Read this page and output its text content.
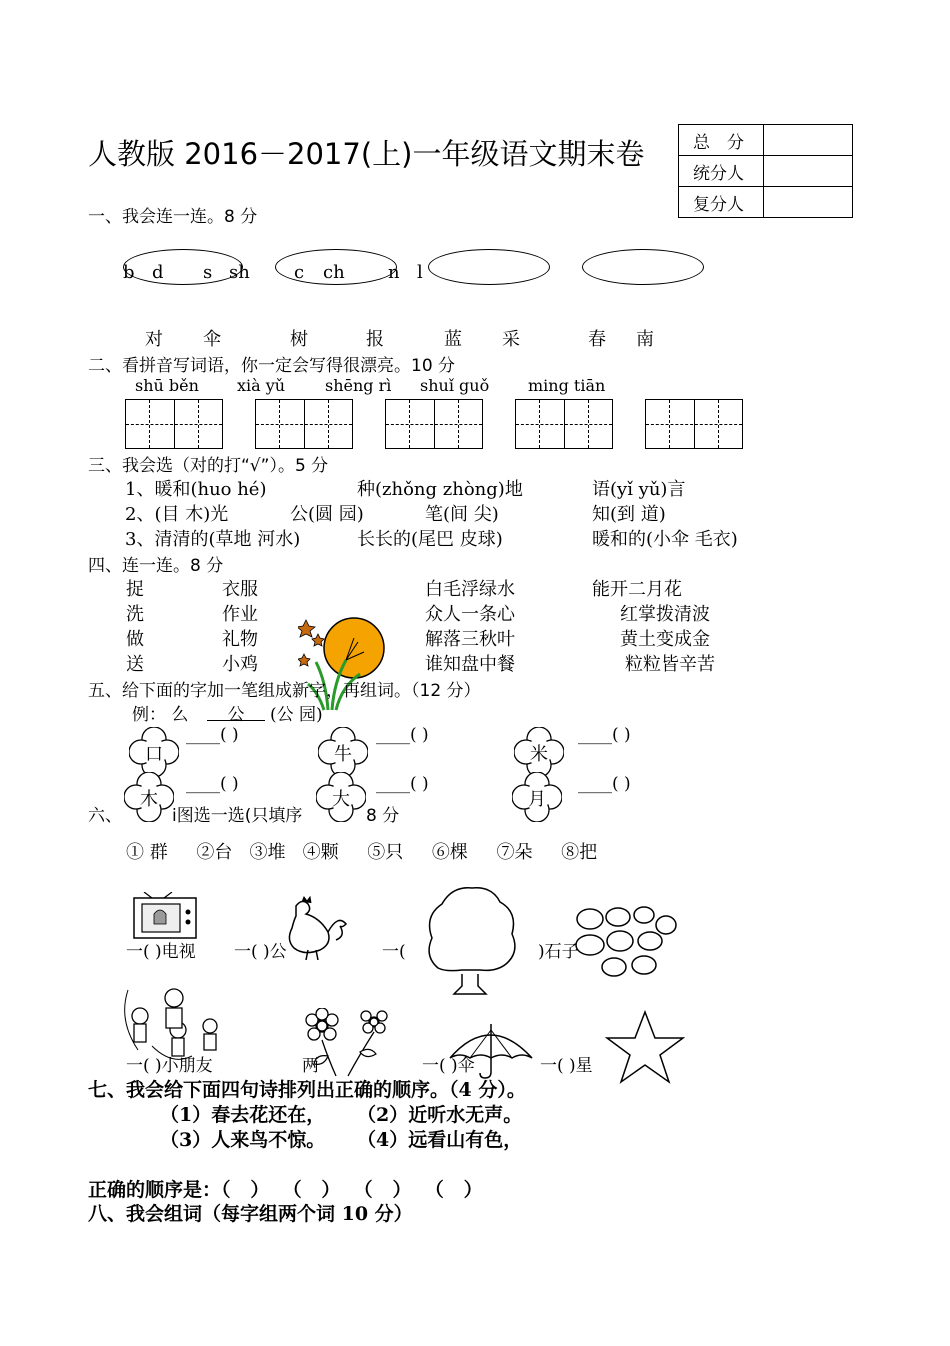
人教版 2016－2017(上)一年级语文期末卷	总　分	
统分人	
复分人	
一、我会连一连。8 分
b d s sh c ch n l
对 伞	树	报	蓝 采	春 南
二、看拼音写词语，你一定会写得很漂亮。10 分
shū běn xià yǔ shēng rì shuǐ guǒ ming tiān
三、我会选（对的打“√”）。5 分
1、暖和(huo hé)	种(zhǒng zhòng)地	语(yǐ yǔ)言
2、(目 木)光	公(圆 园)	笔(间 尖)	知(到 道)
3、清清的(草地 河水)	长长的(尾巴 皮球)	暖和的(小伞 毛衣)
四、连一连。8 分
捉
洗
做
送
衣服
作业
礼物
小鸡
白毛浮绿水
众人一条心
解落三秋叶
谁知盘中餐
能开二月花
红掌拨清波
黄土变成金
粒粒皆辛苦
五、给下面的字加一笔组成新字，再组词。（12 分）
例： 么	公	(公 园)
口	牛	米
木	大	月
____( )	____( )	____( )
____( )	____( )	____( )
六、	i图选一选(只填序	8 分
① 群     ②台   ③堆   ④颗     ⑤只     ⑥棵     ⑦朵     ⑧把
一( )电视 一( )公	一(	)石子
一( )小朋友	两	一( )伞	一( )星
七、我会给下面四句诗排列出正确的顺序。（4 分）。
（1）春去花还在， （2）近听水无声。
（3）人来鸟不惊。 （4）远看山有色，
正确的顺序是：（   ）  （   ）  （   ）  （   ）
八、我会组词（每字组两个词 10 分）
